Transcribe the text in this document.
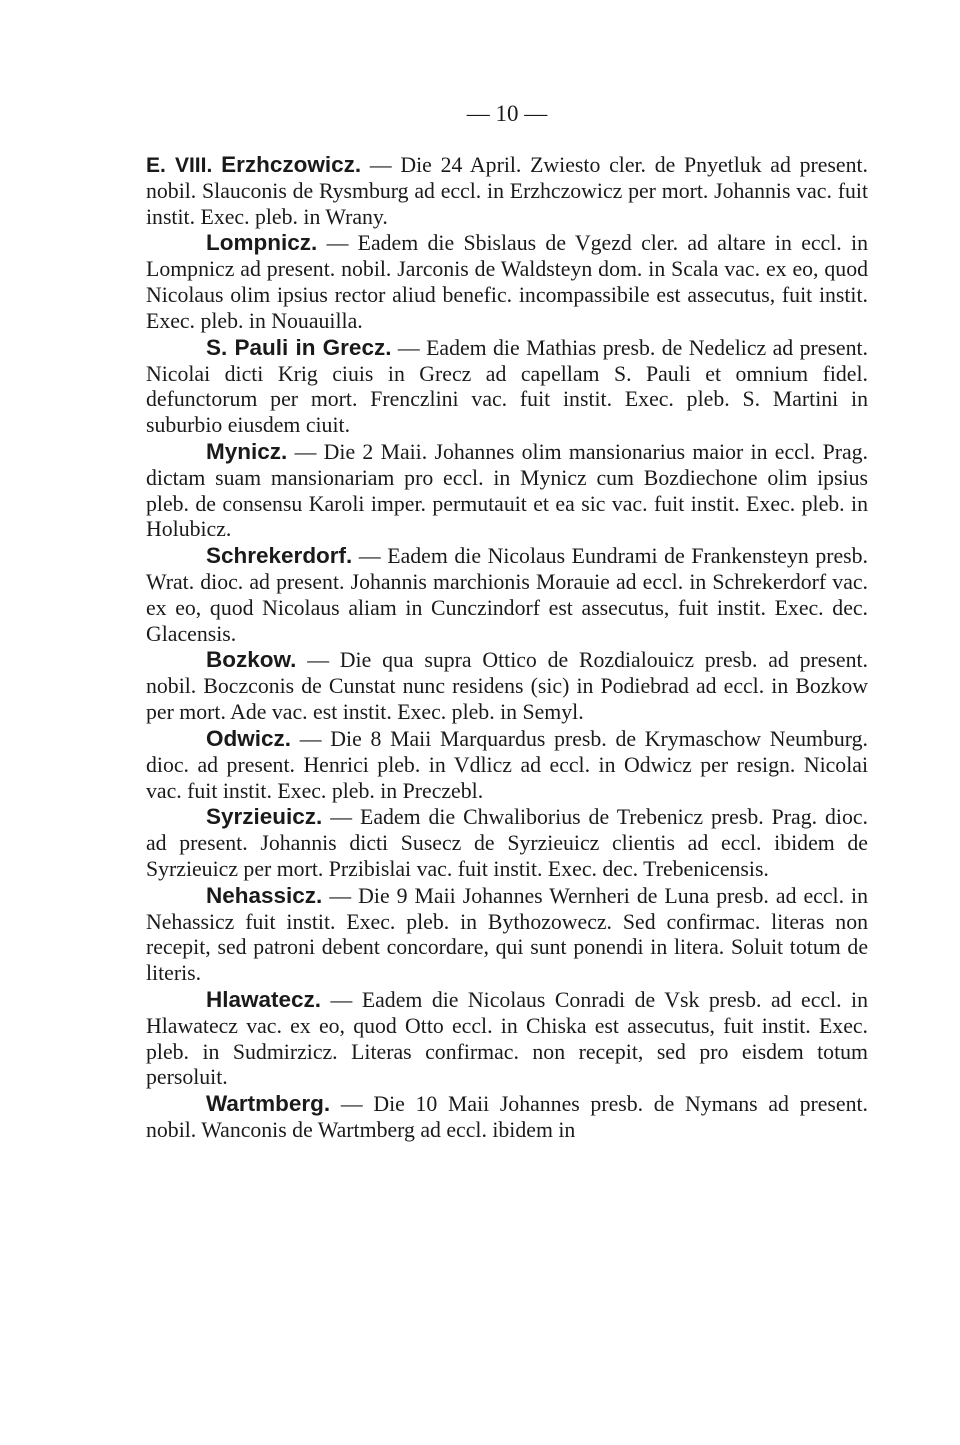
— 10 —

E. VIII. Erzhczowicz. — Die 24 April. Zwiesto cler. de Pnyetluk ad present. nobil. Slauconis de Rysmburg ad eccl. in Erzhczowicz per mort. Johannis vac. fuit instit. Exec. pleb. in Wrany.

Lompnicz. — Eadem die Sbislaus de Vgezd cler. ad altare in eccl. in Lompnicz ad present. nobil. Jarconis de Waldsteyn dom. in Scala vac. ex eo, quod Nicolaus olim ipsius rector aliud benefic. incompassibile est assecutus, fuit instit. Exec. pleb. in Nouauilla.

S. Pauli in Grecz. — Eadem die Mathias presb. de Nedelicz ad present. Nicolai dicti Krig ciuis in Grecz ad capellam S. Pauli et omnium fidel. defunctorum per mort. Frenczlini vac. fuit instit. Exec. pleb. S. Martini in suburbio eiusdem ciuit.

Mynicz. — Die 2 Maii. Johannes olim mansionarius maior in eccl. Prag. dictam suam mansionariam pro eccl. in Mynicz cum Bozdiechone olim ipsius pleb. de consensu Karoli imper. permutauit et ea sic vac. fuit instit. Exec. pleb. in Holubicz.

Schrekerdorf. — Eadem die Nicolaus Eundrami de Frankensteyn presb. Wrat. dioc. ad present. Johannis marchionis Morauie ad eccl. in Schrekerdorf vac. ex eo, quod Nicolaus aliam in Cunczindorf est assecutus, fuit instit. Exec. dec. Glacensis.

Bozkow. — Die qua supra Ottico de Rozdialouicz presb. ad present. nobil. Boczconis de Cunstat nunc residens (sic) in Podiebrad ad eccl. in Bozkow per mort. Ade vac. est instit. Exec. pleb. in Semyl.

Odwicz. — Die 8 Maii Marquardus presb. de Krymaschow Neumburg. dioc. ad present. Henrici pleb. in Vdlicz ad eccl. in Odwicz per resign. Nicolai vac. fuit instit. Exec. pleb. in Preczebl.

Syrzieuicz. — Eadem die Chwaliborius de Trebenicz presb. Prag. dioc. ad present. Johannis dicti Susecz de Syrzieuicz clientis ad eccl. ibidem de Syrzieuicz per mort. Przibislai vac. fuit instit. Exec. dec. Trebenicensis.

Nehassicz. — Die 9 Maii Johannes Wernheri de Luna presb. ad eccl. in Nehassicz fuit instit. Exec. pleb. in Bythozowecz. Sed confirmac. literas non recepit, sed patroni debent concordare, qui sunt ponendi in litera. Soluit totum de literis.

Hlawatecz. — Eadem die Nicolaus Conradi de Vsk presb. ad eccl. in Hlawatecz vac. ex eo, quod Otto eccl. in Chiska est assecutus, fuit instit. Exec. pleb. in Sudmirzicz. Literas confirmac. non recepit, sed pro eisdem totum persoluit.

Wartmberg. — Die 10 Maii Johannes presb. de Nymans ad present. nobil. Wanconis de Wartmberg ad eccl. ibidem in
